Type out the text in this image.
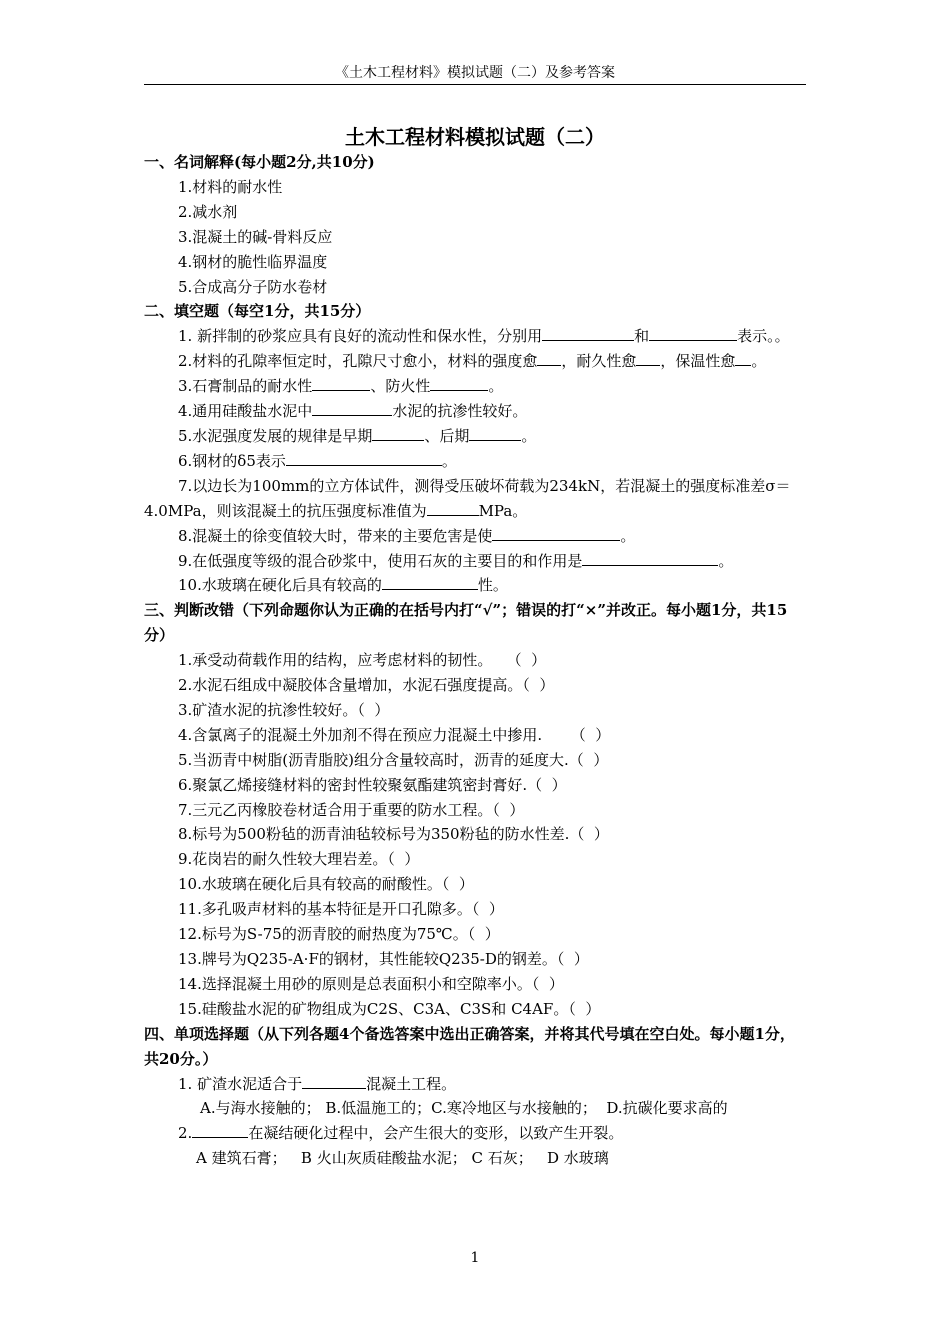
《土木工程材料》模拟试题（二）及参考答案
土木工程材料模拟试题（二）

一、名词解释(每小题2分,共10分)

1.材料的耐水性

2.减水剂

3.混凝土的碱-骨料反应

4.钢材的脆性临界温度

5.合成高分子防水卷材

二、填空题（每空1分，共15分）

1. 新拌制的砂浆应具有良好的流动性和保水性，分别用	和	表示。。

2.材料的孔隙率恒定时，孔隙尺寸愈小，材料的强度愈 ，耐久性愈 ，保温性愈 。

3.石膏制品的耐水性	、防火性	。

4.通用硅酸盐水泥中	水泥的抗渗性较好。

5.水泥强度发展的规律是早期	、后期	。

6.钢材的δ5表示	。

7.以边长为100mm的立方体试件，测得受压破坏荷载为234kN，若混凝土的强度标准差σ＝4.0MPa，则该混凝土的抗压强度标准值为	MPa。

8.混凝土的徐变值较大时，带来的主要危害是使	。

9.在低强度等级的混合砂浆中，使用石灰的主要目的和作用是	。

10.水玻璃在硬化后具有较高的	性。

三、判断改错（下列命题你认为正确的在括号内打“√”；错误的打“×”并改正。每小题1分，共15分）

1.承受动荷载作用的结构，应考虑材料的韧性。   （  ）

2.水泥石组成中凝胶体含量增加，水泥石强度提高。（  ）

3.矿渣水泥的抗渗性较好。（  ）

4.含氯离子的混凝土外加剂不得在预应力混凝土中掺用.      （  ）

5.当沥青中树脂(沥青脂胶)组分含量较高时，沥青的延度大.（  ）

6.聚氯乙烯接缝材料的密封性较聚氨酯建筑密封膏好.（  ）

7.三元乙丙橡胶卷材适合用于重要的防水工程。（  ）

8.标号为500粉毡的沥青油毡较标号为350粉毡的防水性差.（  ）

9.花岗岩的耐久性较大理岩差。（  ）

10.水玻璃在硬化后具有较高的耐酸性。（  ）

11.多孔吸声材料的基本特征是开口孔隙多。（  ）

12.标号为S-75的沥青胶的耐热度为75℃。（  ）

13.牌号为Q235-A·F的钢材，其性能较Q235-D的钢差。（  ）

14.选择混凝土用砂的原则是总表面积小和空隙率小。（  ）

15.硅酸盐水泥的矿物组成为C2S、C3A、C3S和 C4AF。（  ）

四、单项选择题（从下列各题4个备选答案中选出正确答案，并将其代号填在空白处。每小题1分，共20分。）

1. 矿渣水泥适合于	混凝土工程。

A.与海水接触的； B.低温施工的；C.寒冷地区与水接触的；  D.抗碳化要求高的

2.	在凝结硬化过程中，会产生很大的变形，以致产生开裂。

A 建筑石膏；   B 火山灰质硅酸盐水泥； C 石灰；   D 水玻璃

1
